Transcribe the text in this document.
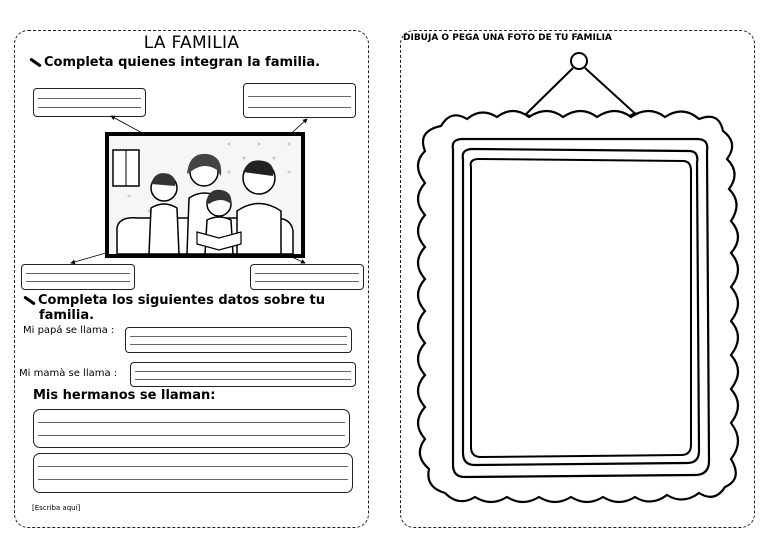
LA FAMILIA
Completa quienes integran la familia.
Completa los siguientes datos sobre tu
familia.
Mi papá se llama :
Mi mamà se llama :
Mis hermanos se llaman:
[Escriba aquí]
DIBUJA O PEGA UNA FOTO DE TU FAMILIA
